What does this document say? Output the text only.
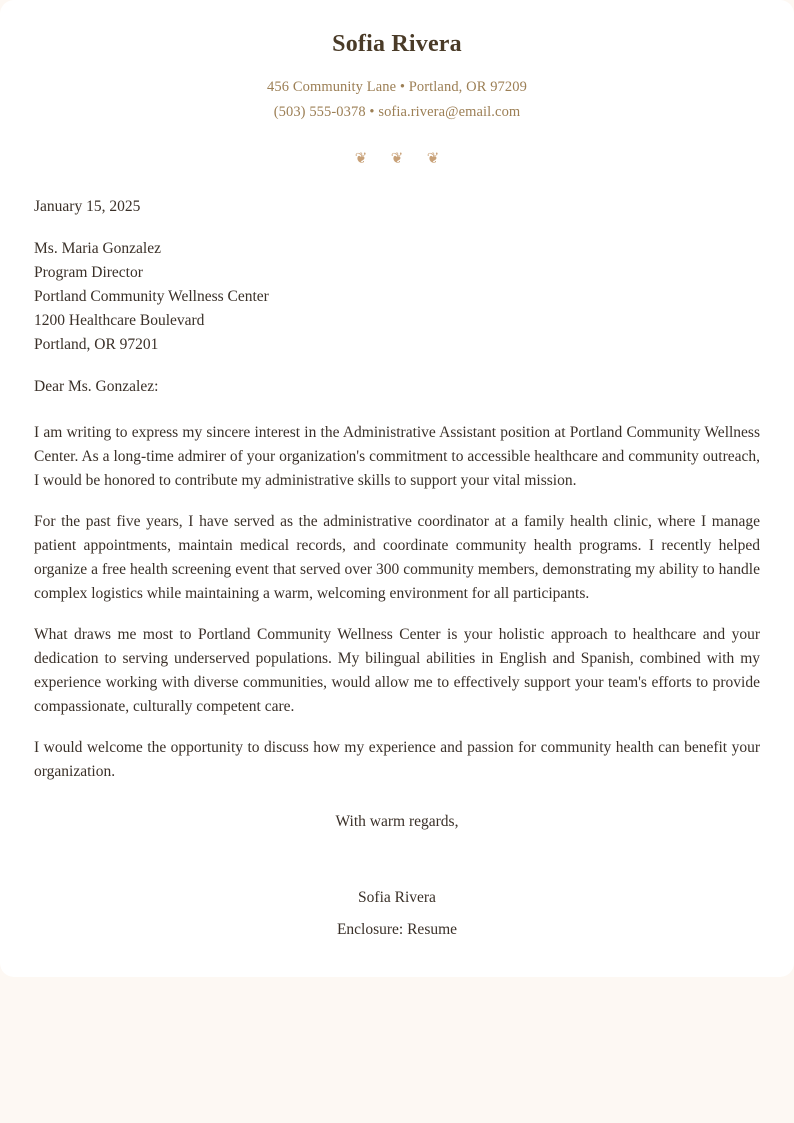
Sofia Rivera

456 Community Lane • Portland, OR 97209

(503) 555-0378 • sofia.rivera@email.com

❦ ❦ ❦

January 15, 2025

Ms. Maria Gonzalez

Program Director

Portland Community Wellness Center

1200 Healthcare Boulevard

Portland, OR 97201

Dear Ms. Gonzalez:

I am writing to express my sincere interest in the Administrative Assistant position at Portland Community Wellness Center. As a long-time admirer of your organization's commitment to accessible healthcare and community outreach, I would be honored to contribute my administrative skills to support your vital mission.

For the past five years, I have served as the administrative coordinator at a family health clinic, where I manage patient appointments, maintain medical records, and coordinate community health programs. I recently helped organize a free health screening event that served over 300 community members, demonstrating my ability to handle complex logistics while maintaining a warm, welcoming environment for all participants.

What draws me most to Portland Community Wellness Center is your holistic approach to healthcare and your dedication to serving underserved populations. My bilingual abilities in English and Spanish, combined with my experience working with diverse communities, would allow me to effectively support your team's efforts to provide compassionate, culturally competent care.

I would welcome the opportunity to discuss how my experience and passion for community health can benefit your organization.

With warm regards,

Sofia Rivera

Enclosure: Resume
